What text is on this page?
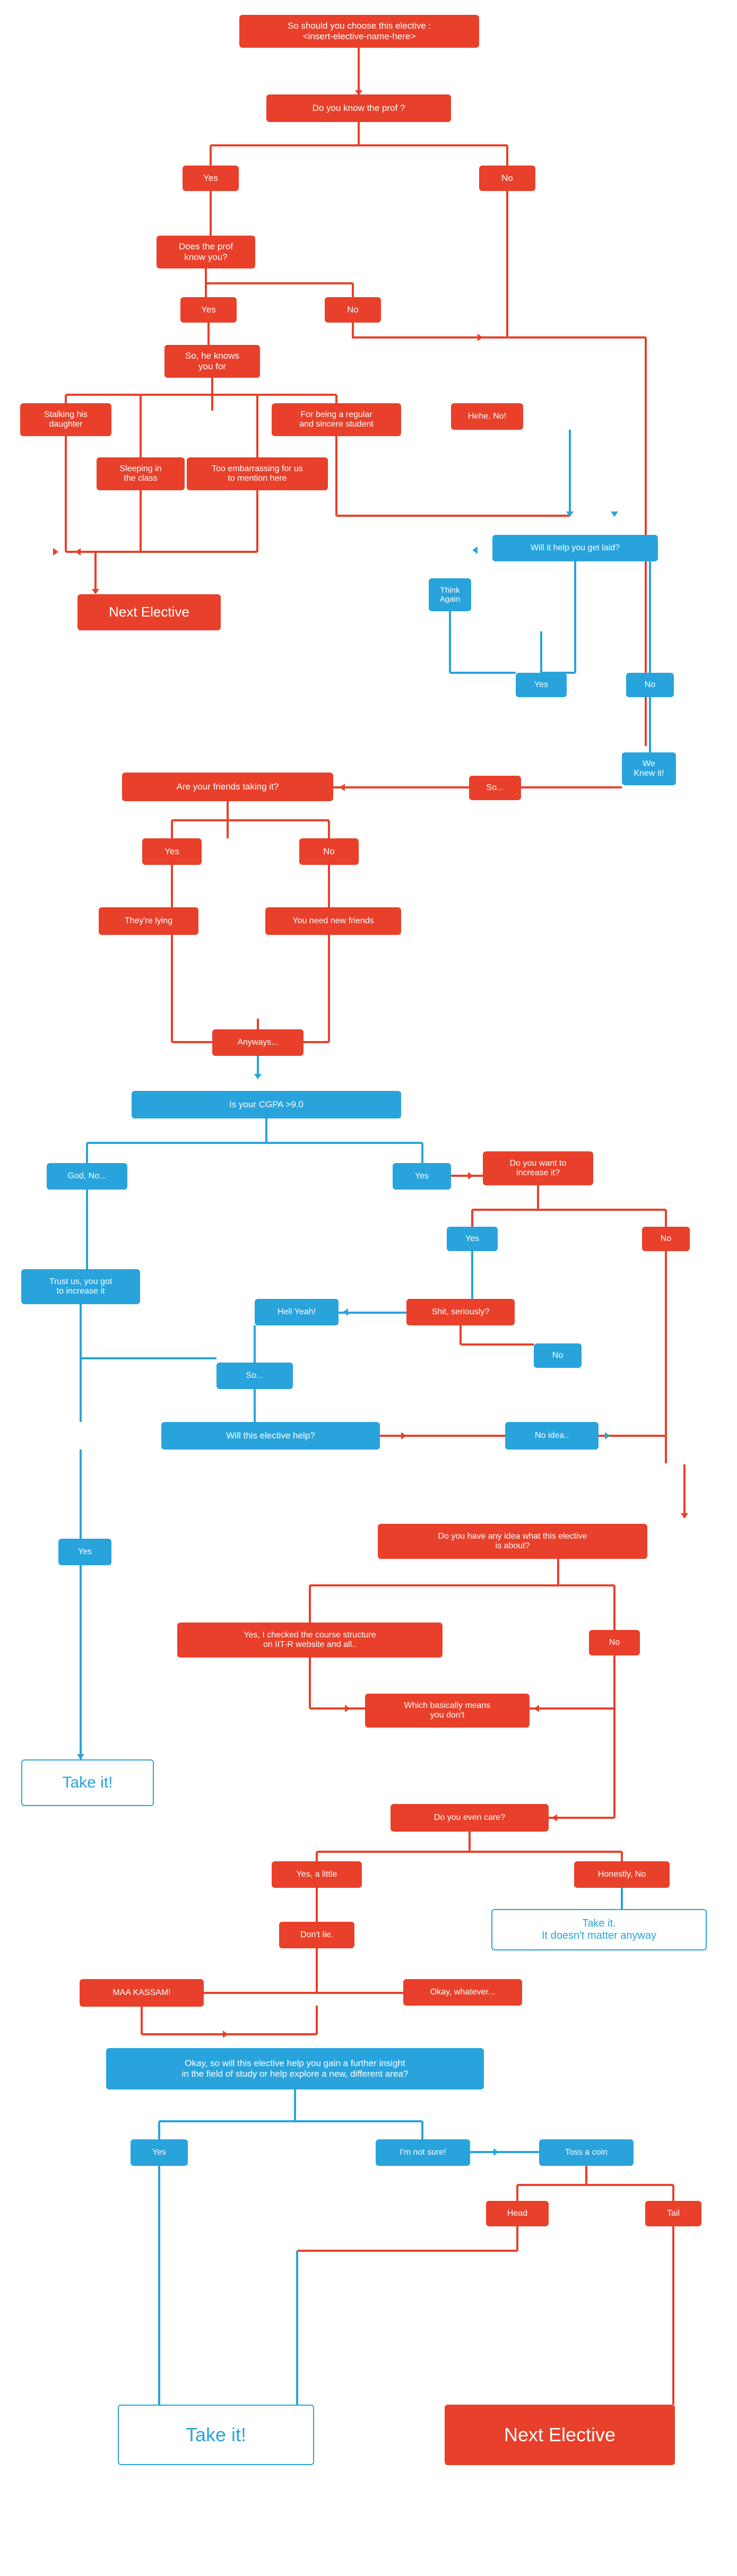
So should you choose this elective :
<insert-elective-name-here>
Do you know the prof ?
Yes	No
Does the prof
know you?
Yes	No
So, he knows
you for
Stalking his
daughter
Sleeping in
the class
Too embarrassing for us
to mention here
For being a regular
and sincere student
Hehe, No!
Next Elective
Will it help you get laid?
Think
Again
Yes	No
We
Knew it!
So...
Are your friends taking it?
Yes	No
They're lying	You need new friends
Anyways...
Is your CGPA >9.0
God, No...	Yes
Do you want to
increase it?
Yes	No
Trust us, you got
to increase it
Hell Yeah!	Shit, seriously?
No
So...
Will this elective help?	No idea..
Yes
Do you have any idea what this elective
is about?
Yes, I checked the course structure
on IIT-R website and all..	No
Which basically means
you don't
Take it!
Do you even care?
Yes, a little	Honestly, No
Don't lie.
Take it.
It doesn't matter anyway
MAA KASSAM!	Okay, whatever...
Okay, so will this elective help you gain a further insight
in the field of study or help explore a new, different area?
Yes	I'm not sure!	Toss a coin
Head	Tail
Take it!	Next Elective
